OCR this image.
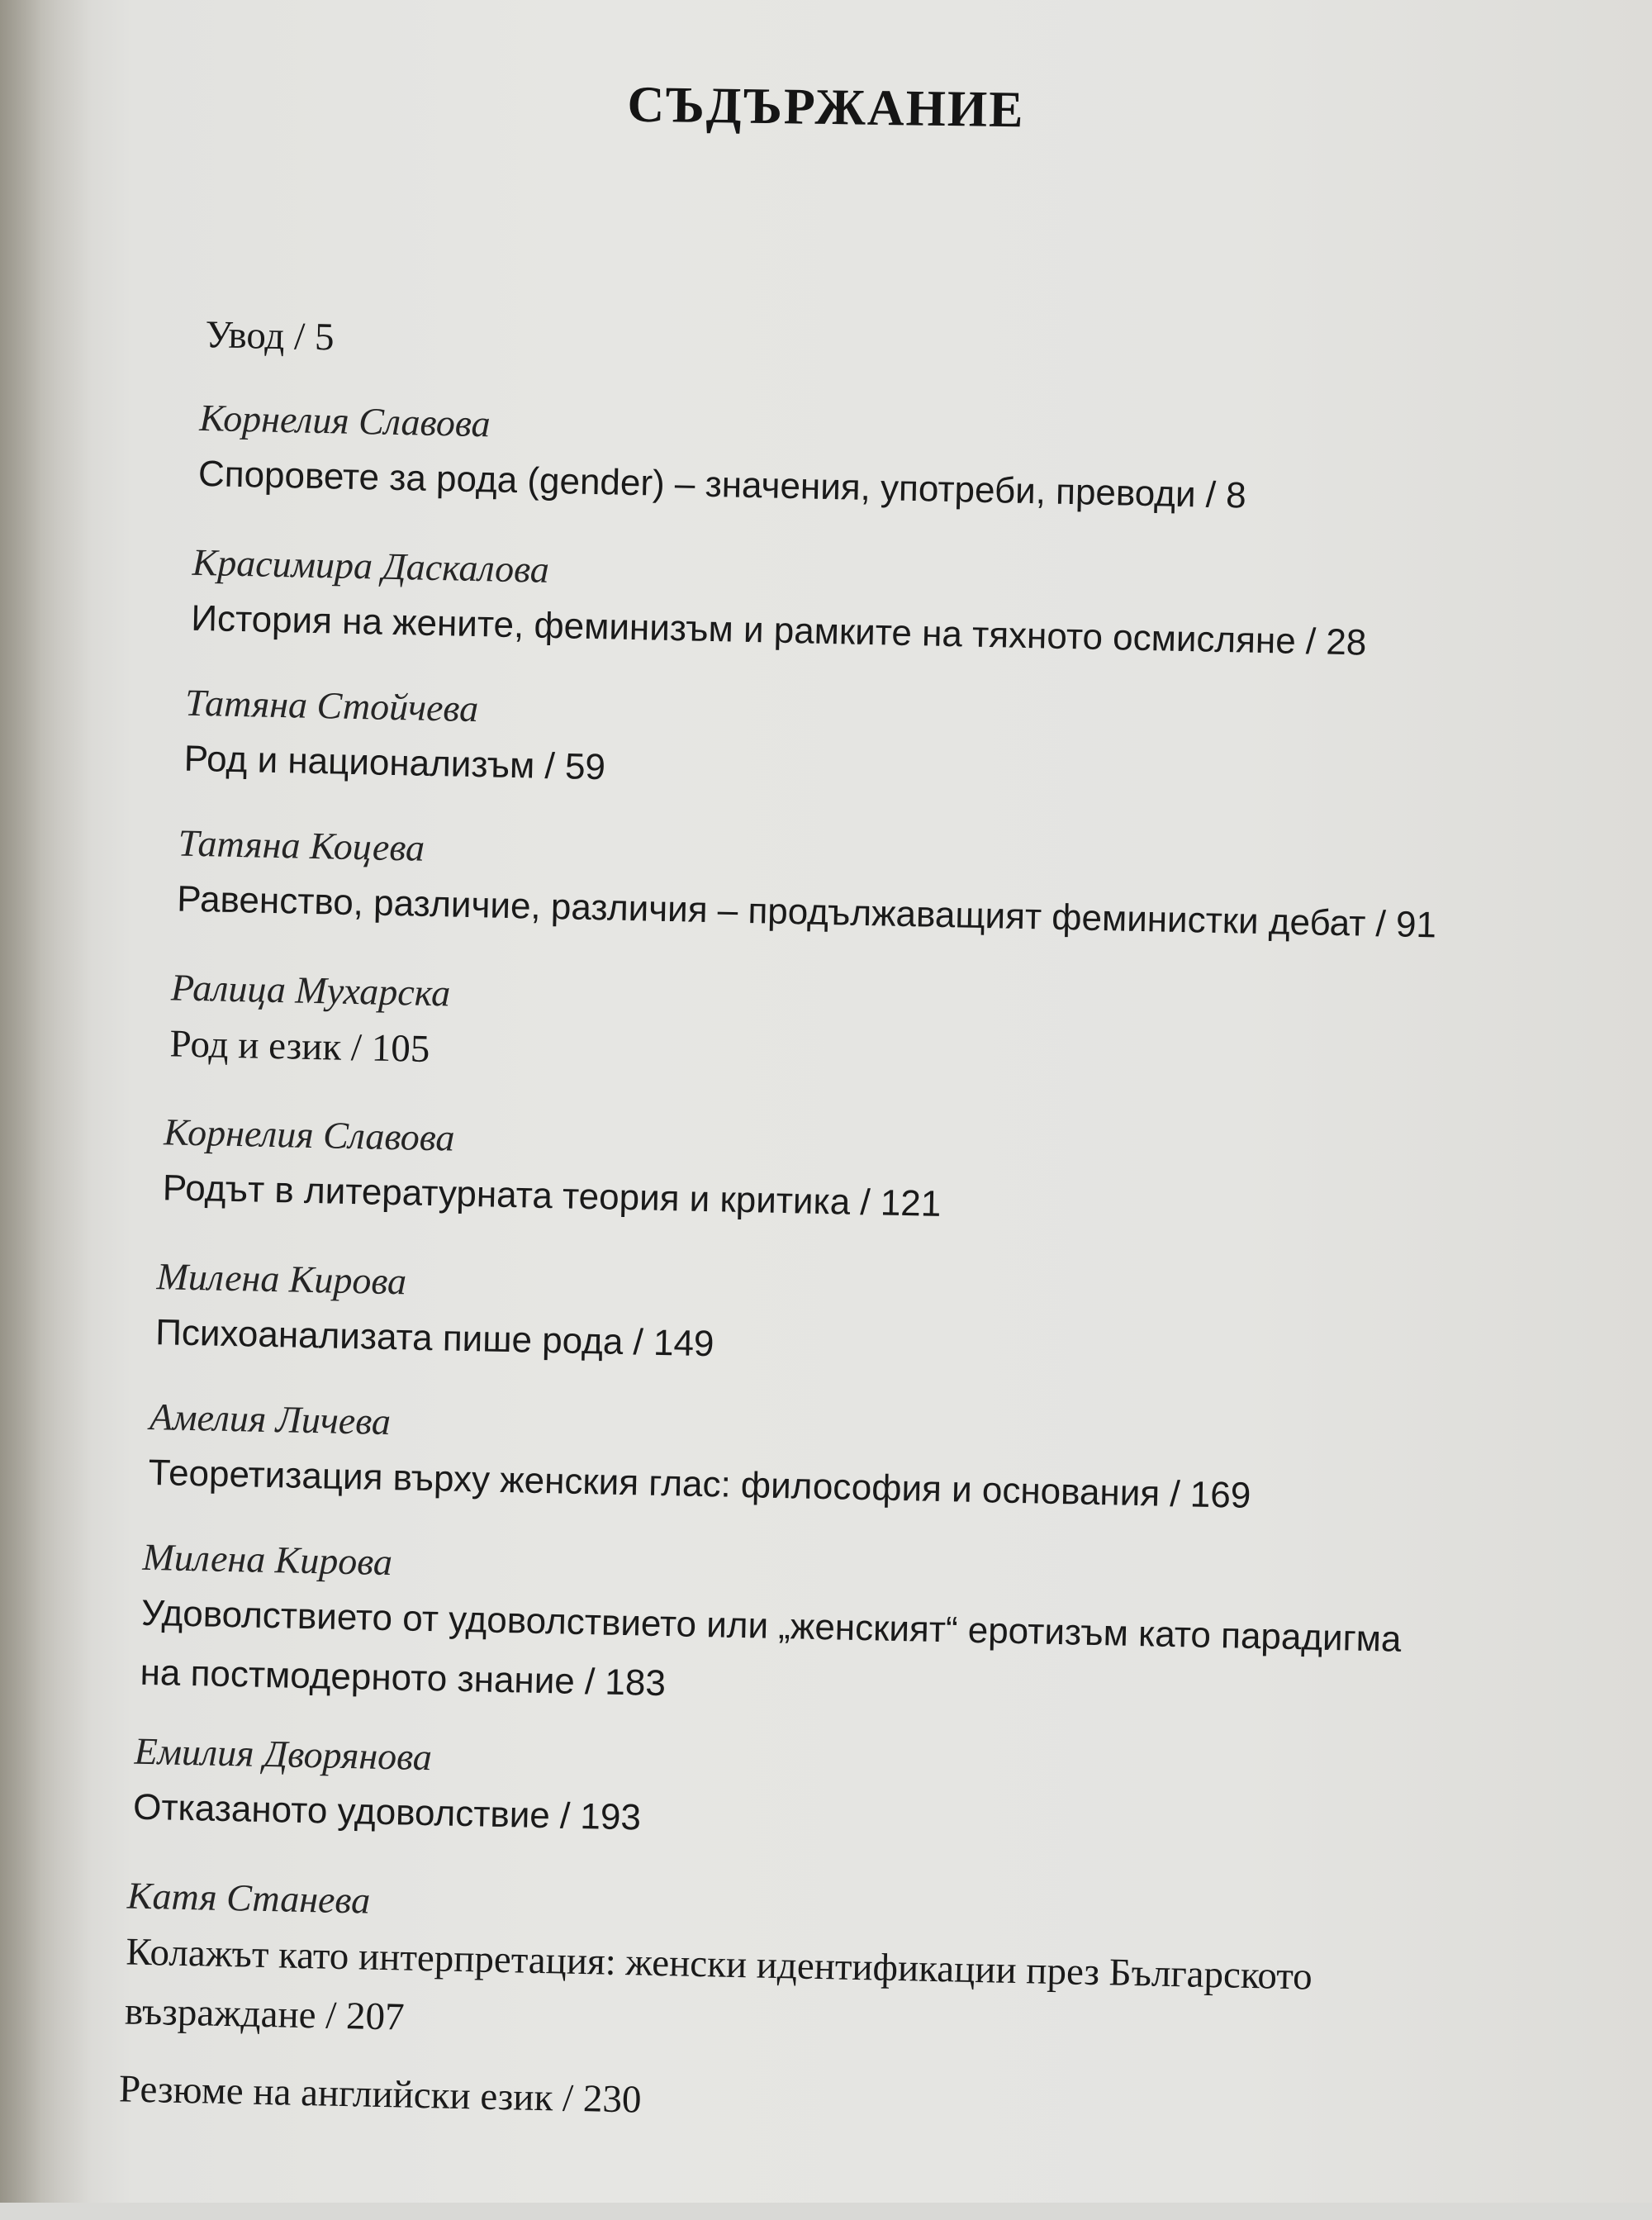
СЪДЪРЖАНИЕ
Увод / 5
Корнелия Славова
Споровете за рода (gender) – значения, употреби, преводи / 8
Красимира Даскалова
История на жените, феминизъм и рамките на тяхното осмисляне / 28
Татяна Стойчева
Род и национализъм / 59
Татяна Коцева
Равенство, различие, различия – продължаващият феминистки дебат / 91
Ралица Мухарска
Род и език / 105
Корнелия Славова
Родът в литературната теория и критика / 121
Милена Кирова
Психоанализата пише рода / 149
Амелия Личева
Теоретизация върху женския глас: философия и основания / 169
Милена Кирова
Удоволствието от удоволствието или „женският“ еротизъм като парадигма
на постмодерното знание / 183
Емилия Дворянова
Отказаното удоволствие / 193
Катя Станева
Колажът като интерпретация: женски идентификации през Българското
възраждане / 207
Резюме на английски език / 230
